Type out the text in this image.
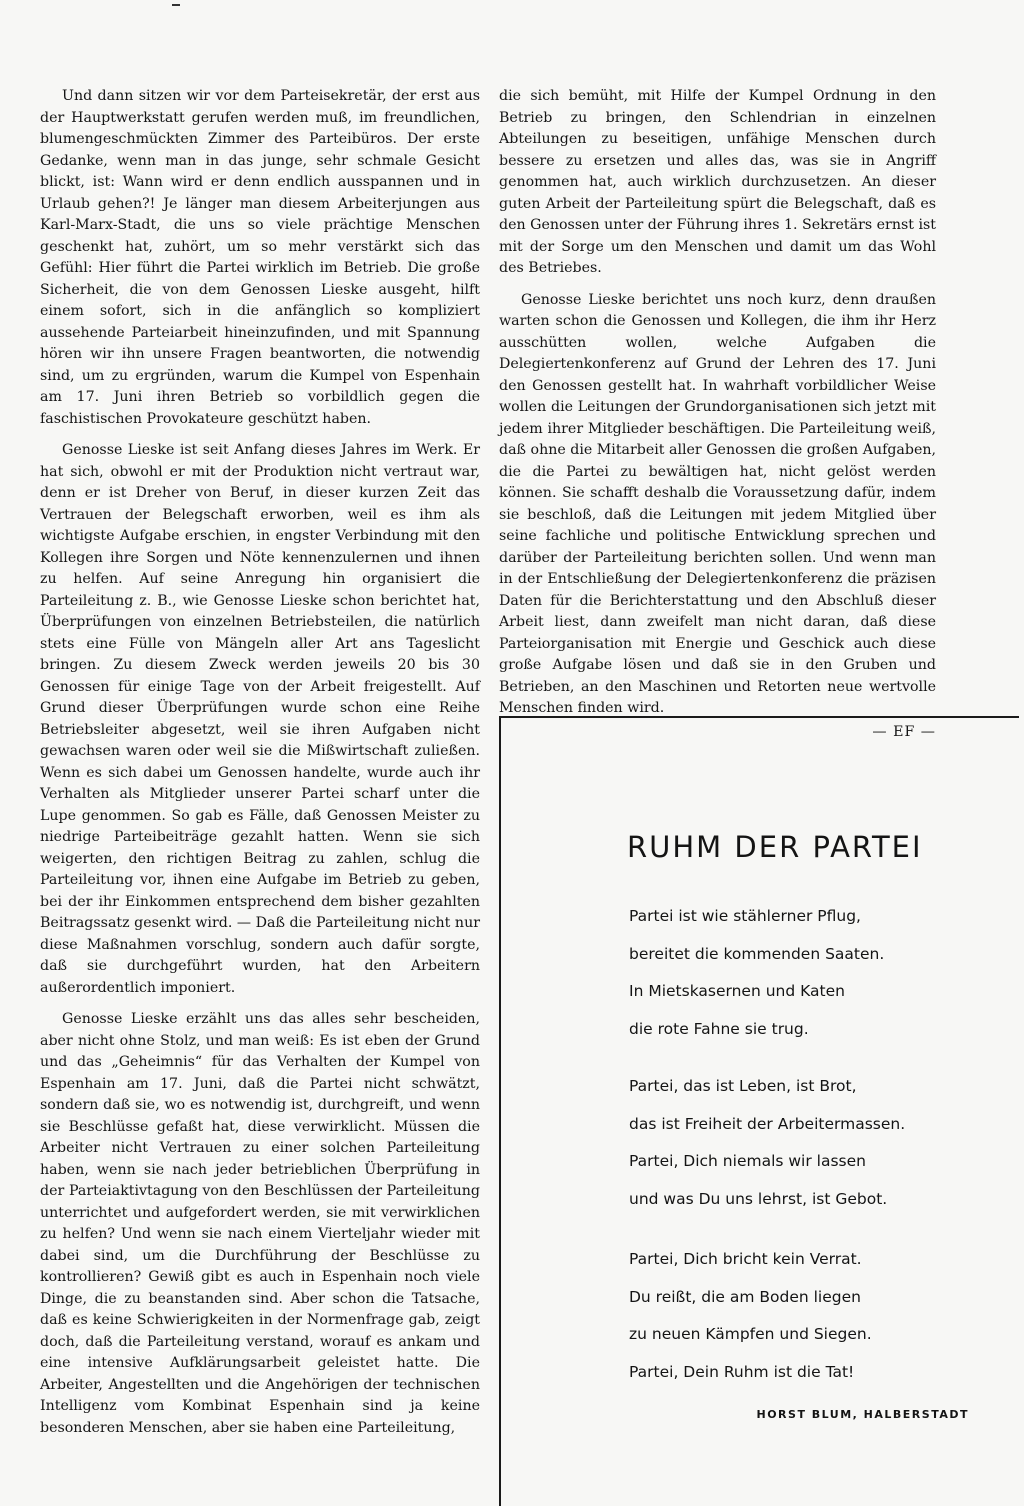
Und dann sitzen wir vor dem Parteisekretär, der erst aus der Hauptwerkstatt gerufen werden muß, im freundlichen, blumengeschmückten Zimmer des Parteibüros. Der erste Gedanke, wenn man in das junge, sehr schmale Gesicht blickt, ist: Wann wird er denn endlich ausspannen und in Urlaub gehen?! Je länger man diesem Arbeiterjungen aus Karl-Marx-Stadt, die uns so viele prächtige Menschen geschenkt hat, zuhört, um so mehr verstärkt sich das Gefühl: Hier führt die Partei wirklich im Betrieb. Die große Sicherheit, die von dem Genossen Lieske ausgeht, hilft einem sofort, sich in die anfänglich so kompliziert aussehende Parteiarbeit hineinzufinden, und mit Spannung hören wir ihn unsere Fragen beantworten, die notwendig sind, um zu ergründen, warum die Kumpel von Espenhain am 17. Juni ihren Betrieb so vorbildlich gegen die faschistischen Provokateure geschützt haben.

Genosse Lieske ist seit Anfang dieses Jahres im Werk. Er hat sich, obwohl er mit der Produktion nicht vertraut war, denn er ist Dreher von Beruf, in dieser kurzen Zeit das Vertrauen der Belegschaft erworben, weil es ihm als wichtigste Aufgabe erschien, in engster Verbindung mit den Kollegen ihre Sorgen und Nöte kennenzulernen und ihnen zu helfen. Auf seine Anregung hin organisiert die Parteileitung z. B., wie Genosse Lieske schon berichtet hat, Überprüfungen von einzelnen Betriebsteilen, die natürlich stets eine Fülle von Mängeln aller Art ans Tageslicht bringen. Zu diesem Zweck werden jeweils 20 bis 30 Genossen für einige Tage von der Arbeit freigestellt. Auf Grund dieser Überprüfungen wurde schon eine Reihe Betriebsleiter abgesetzt, weil sie ihren Aufgaben nicht gewachsen waren oder weil sie die Mißwirtschaft zuließen. Wenn es sich dabei um Genossen handelte, wurde auch ihr Verhalten als Mitglieder unserer Partei scharf unter die Lupe genommen. So gab es Fälle, daß Genossen Meister zu niedrige Parteibeiträge gezahlt hatten. Wenn sie sich weigerten, den richtigen Beitrag zu zahlen, schlug die Parteileitung vor, ihnen eine Aufgabe im Betrieb zu geben, bei der ihr Einkommen entsprechend dem bisher gezahlten Beitragssatz gesenkt wird. — Daß die Parteileitung nicht nur diese Maßnahmen vorschlug, sondern auch dafür sorgte, daß sie durchgeführt wurden, hat den Arbeitern außerordentlich imponiert.

Genosse Lieske erzählt uns das alles sehr bescheiden, aber nicht ohne Stolz, und man weiß: Es ist eben der Grund und das „Geheimnis“ für das Verhalten der Kumpel von Espenhain am 17. Juni, daß die Partei nicht schwätzt, sondern daß sie, wo es notwendig ist, durchgreift, und wenn sie Beschlüsse gefaßt hat, diese verwirklicht. Müssen die Arbeiter nicht Vertrauen zu einer solchen Parteileitung haben, wenn sie nach jeder betrieblichen Überprüfung in der Parteiaktivtagung von den Beschlüssen der Parteileitung unterrichtet und aufgefordert werden, sie mit verwirklichen zu helfen? Und wenn sie nach einem Vierteljahr wieder mit dabei sind, um die Durchführung der Beschlüsse zu kontrollieren? Gewiß gibt es auch in Espenhain noch viele Dinge, die zu beanstanden sind. Aber schon die Tatsache, daß es keine Schwierigkeiten in der Normenfrage gab, zeigt doch, daß die Parteileitung verstand, worauf es ankam und eine intensive Aufklärungsarbeit geleistet hatte. Die Arbeiter, Angestellten und die Angehörigen der technischen Intelligenz vom Kombinat Espenhain sind ja keine besonderen Menschen, aber sie haben eine Parteileitung,

die sich bemüht, mit Hilfe der Kumpel Ordnung in den Betrieb zu bringen, den Schlendrian in einzelnen Abteilungen zu beseitigen, unfähige Menschen durch bessere zu ersetzen und alles das, was sie in Angriff genommen hat, auch wirklich durchzusetzen. An dieser guten Arbeit der Parteileitung spürt die Belegschaft, daß es den Genossen unter der Führung ihres 1. Sekretärs ernst ist mit der Sorge um den Menschen und damit um das Wohl des Betriebes.

Genosse Lieske berichtet uns noch kurz, denn draußen warten schon die Genossen und Kollegen, die ihm ihr Herz ausschütten wollen, welche Aufgaben die Delegiertenkonferenz auf Grund der Lehren des 17. Juni den Genossen gestellt hat. In wahrhaft vorbildlicher Weise wollen die Leitungen der Grundorganisationen sich jetzt mit jedem ihrer Mitglieder beschäftigen. Die Parteileitung weiß, daß ohne die Mitarbeit aller Genossen die großen Aufgaben, die die Partei zu bewältigen hat, nicht gelöst werden können. Sie schafft deshalb die Voraussetzung dafür, indem sie beschloß, daß die Leitungen mit jedem Mitglied über seine fachliche und politische Entwicklung sprechen und darüber der Parteileitung berichten sollen. Und wenn man in der Entschließung der Delegiertenkonferenz die präzisen Daten für die Berichterstattung und den Abschluß dieser Arbeit liest, dann zweifelt man nicht daran, daß diese Parteiorganisation mit Energie und Geschick auch diese große Aufgabe lösen und daß sie in den Gruben und Betrieben, an den Maschinen und Retorten neue wertvolle Menschen finden wird.

— EF —
RUHM DER PARTEI
Partei ist wie stählerner Pflug,
bereitet die kommenden Saaten.
In Mietskasernen und Katen
die rote Fahne sie trug.
Partei, das ist Leben, ist Brot,
das ist Freiheit der Arbeitermassen.
Partei, Dich niemals wir lassen
und was Du uns lehrst, ist Gebot.
Partei, Dich bricht kein Verrat.
Du reißt, die am Boden liegen
zu neuen Kämpfen und Siegen.
Partei, Dein Ruhm ist die Tat!
HORST BLUM, HALBERSTADT
